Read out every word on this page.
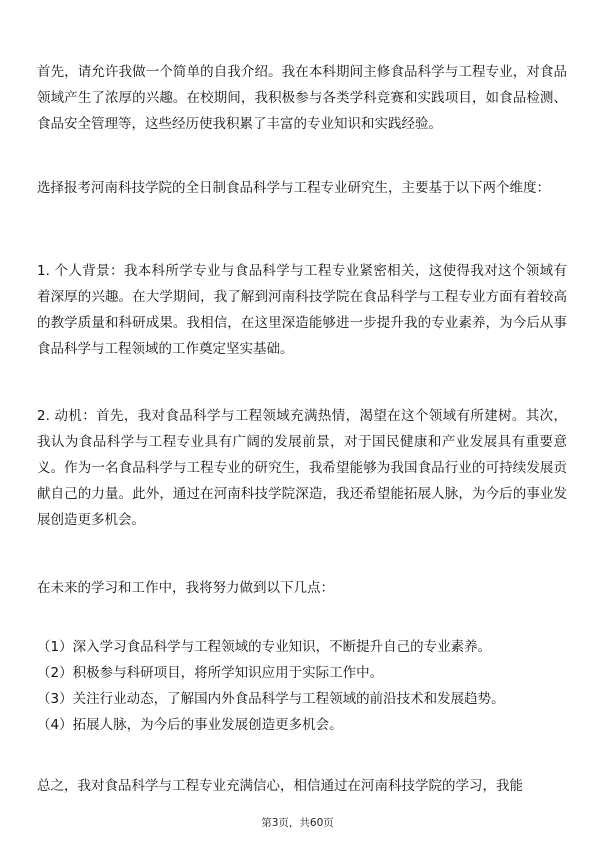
首先，请允许我做一个简单的自我介绍。我在本科期间主修食品科学与工程专业，对食品领域产生了浓厚的兴趣。在校期间，我积极参与各类学科竞赛和实践项目，如食品检测、食品安全管理等，这些经历使我积累了丰富的专业知识和实践经验。

选择报考河南科技学院的全日制食品科学与工程专业研究生，主要基于以下两个维度：

1. 个人背景：我本科所学专业与食品科学与工程专业紧密相关，这使得我对这个领域有着深厚的兴趣。在大学期间，我了解到河南科技学院在食品科学与工程专业方面有着较高的教学质量和科研成果。我相信，在这里深造能够进一步提升我的专业素养，为今后从事食品科学与工程领域的工作奠定坚实基础。

2. 动机：首先，我对食品科学与工程领域充满热情，渴望在这个领域有所建树。其次，我认为食品科学与工程专业具有广阔的发展前景，对于国民健康和产业发展具有重要意义。作为一名食品科学与工程专业的研究生，我希望能够为我国食品行业的可持续发展贡献自己的力量。此外，通过在河南科技学院深造，我还希望能拓展人脉，为今后的事业发展创造更多机会。

在未来的学习和工作中，我将努力做到以下几点：

（1）深入学习食品科学与工程领域的专业知识，不断提升自己的专业素养。

（2）积极参与科研项目，将所学知识应用于实际工作中。

（3）关注行业动态，了解国内外食品科学与工程领域的前沿技术和发展趋势。

（4）拓展人脉，为今后的事业发展创造更多机会。

总之，我对食品科学与工程专业充满信心，相信通过在河南科技学院的学习，我能

第3页，共60页
